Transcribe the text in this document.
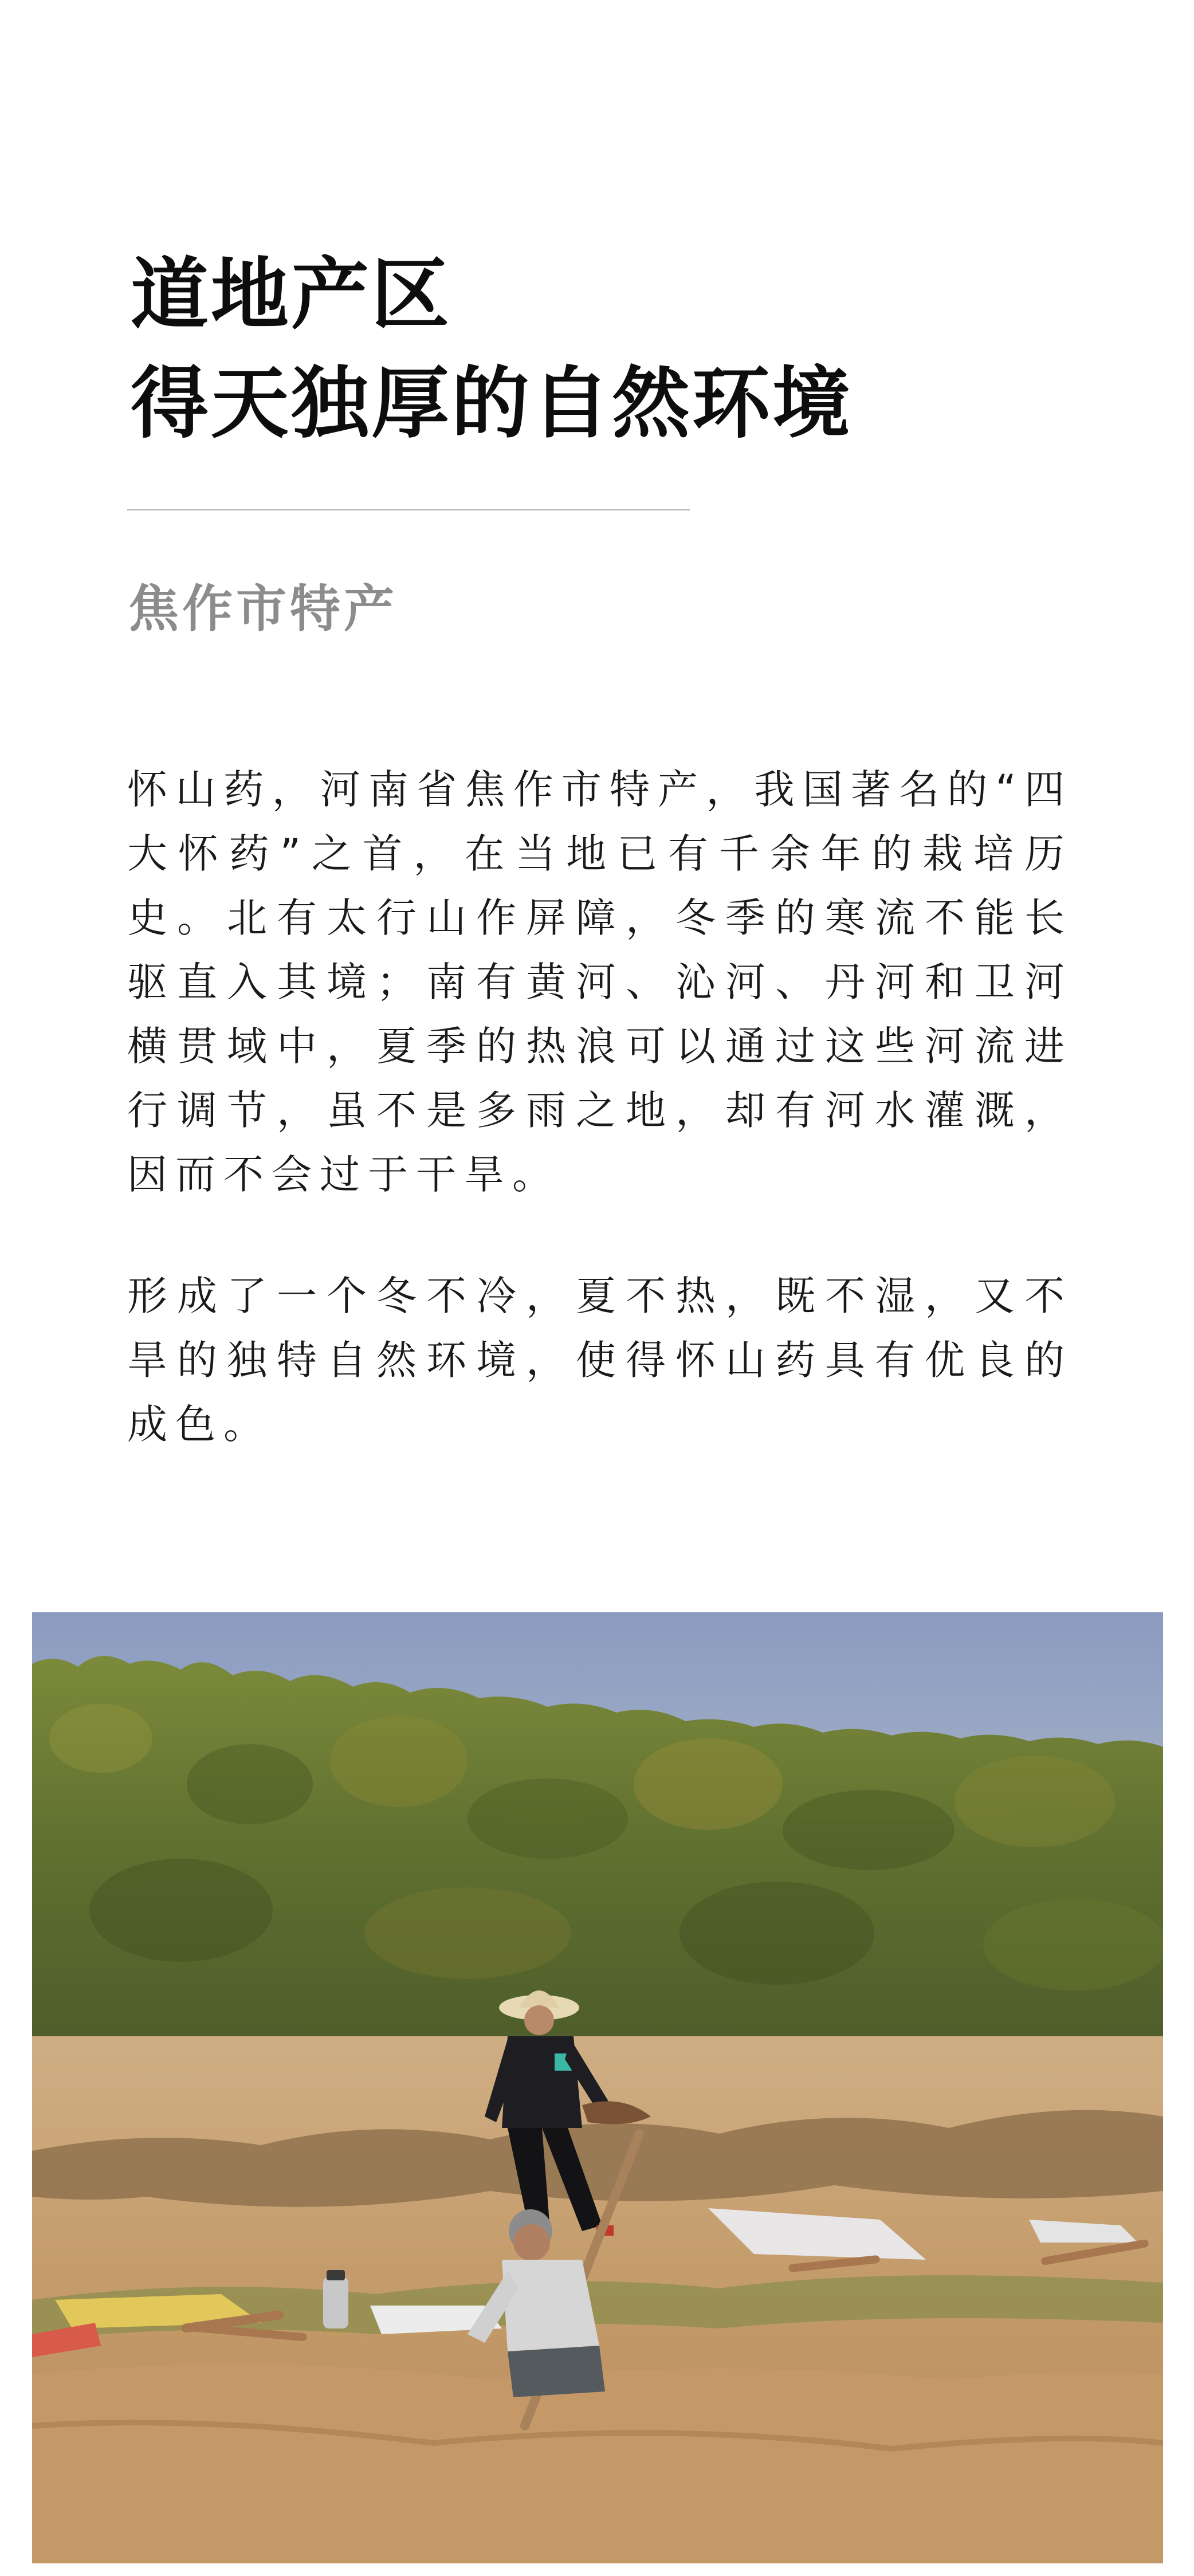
道地产区
得天独厚的自然环境
焦作市特产

怀山药，河南省焦作市特产，我国著名的“四大怀药”之首，在当地已有千余年的栽培历史。北有太行山作屏障，冬季的寒流不能长驱直入其境；南有黄河、沁河、丹河和卫河横贯域中，夏季的热浪可以通过这些河流进行调节，虽不是多雨之地，却有河水灌溉，因而不会过于干旱。

形成了一个冬不冷，夏不热，既不湿，又不旱的独特自然环境，使得怀山药具有优良的成色。
